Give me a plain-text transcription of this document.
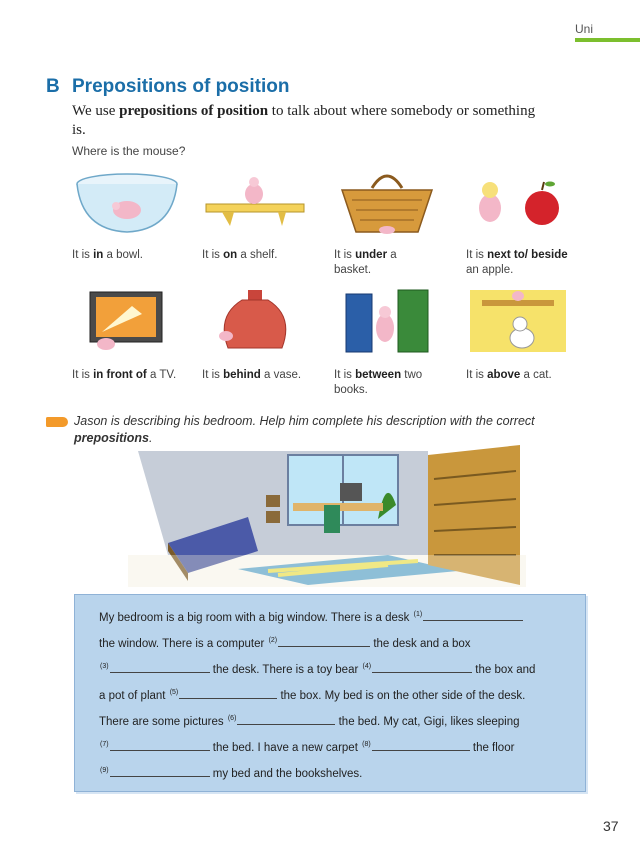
Uni
B Prepositions of position
We use prepositions of position to talk about where somebody or something is.
Where is the mouse?
It is in a bowl.	It is on a shelf.	It is under a basket.
It is next to/ beside an apple.
It is in front of a TV.	It is behind a vase.	It is between two books.
It is above a cat.
Jason is describing his bedroom. Help him complete his description with the correct prepositions.
My bedroom is a big room with a big window. There is a desk $^{(1)}$
the window. There is a computer $^{(2)}$	the desk and a box
$^{(3)}$	the desk. There is a toy bear $^{(4)}$	the box and
a pot of plant $^{(5)}$	the box. My bed is on the other side of the desk.
There are some pictures $^{(6)}$	the bed. My cat, Gigi, likes sleeping
$^{(7)}$	the bed. I have a new carpet $^{(8)}$	the floor
$^{(9)}$	my bed and the bookshelves.
37
